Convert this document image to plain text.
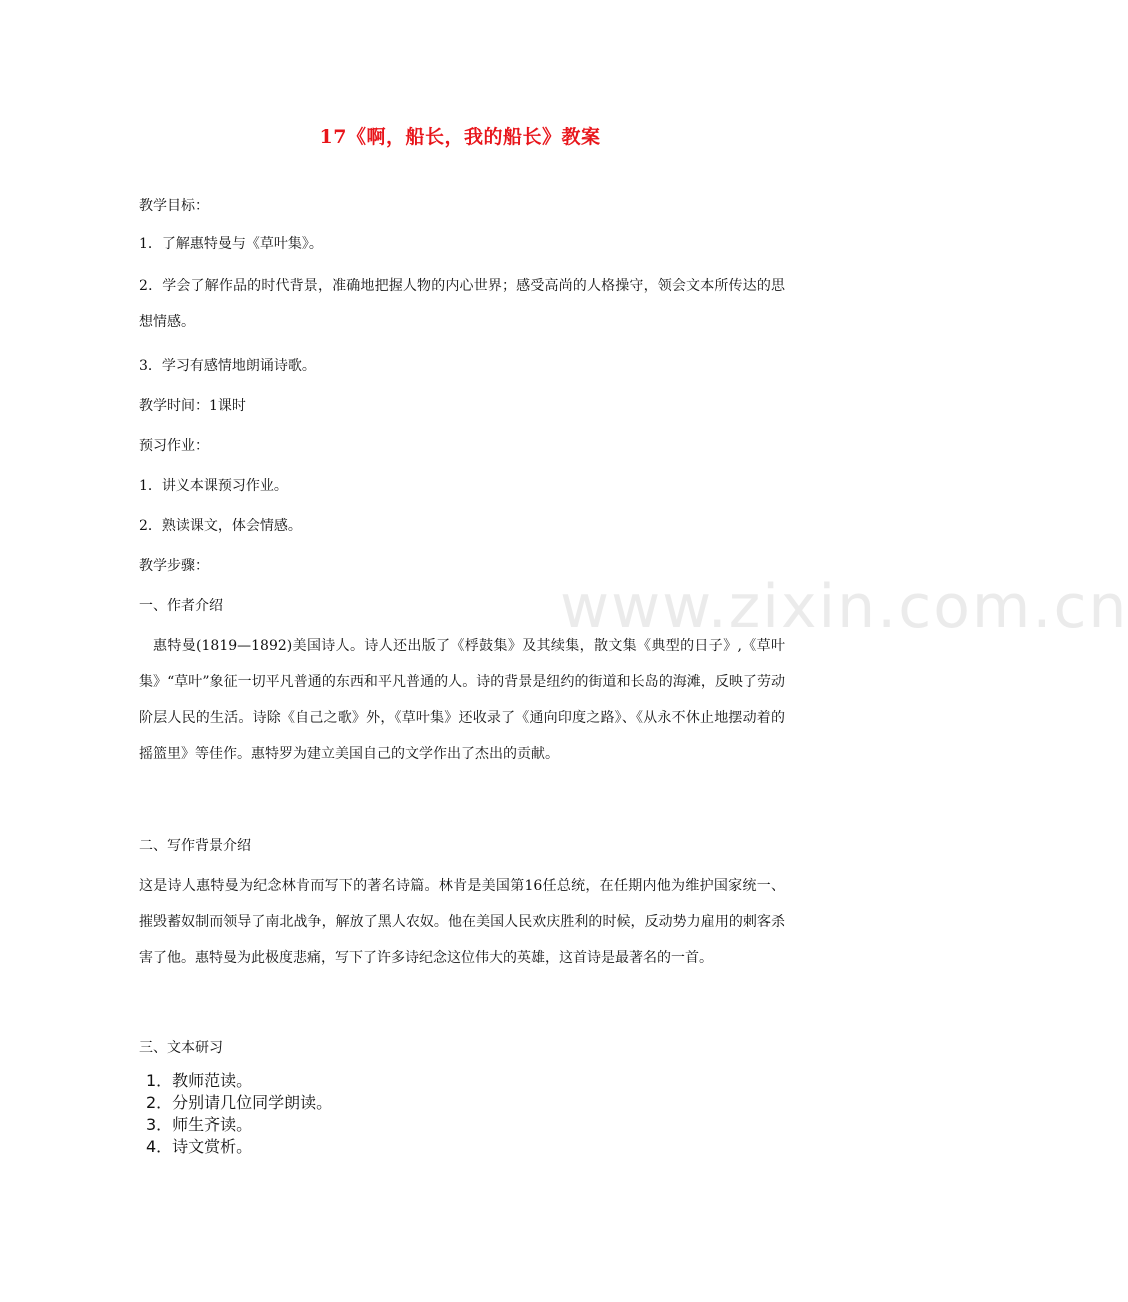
www.zixin.com.cn
17《啊，船长，我的船长》教案
教学目标：
1．了解惠特曼与《草叶集》。
2．学会了解作品的时代背景，准确地把握人物的内心世界；感受高尚的人格操守，领会文本所传达的思想情感。
3．学习有感情地朗诵诗歌。
教学时间：1课时
预习作业：
1．讲义本课预习作业。
2．熟读课文，体会情感。
教学步骤：
一、作者介绍
惠特曼(1819—1892)美国诗人。诗人还出版了《桴鼓集》及其续集，散文集《典型的日子》,《草叶集》“草叶”象征一切平凡普通的东西和平凡普通的人。诗的背景是纽约的街道和长岛的海滩，反映了劳动阶层人民的生活。诗除《自己之歌》外，《草叶集》还收录了《通向印度之路》、《从永不休止地摆动着的摇篮里》等佳作。惠特罗为建立美国自己的文学作出了杰出的贡献。
二、写作背景介绍
这是诗人惠特曼为纪念林肯而写下的著名诗篇。林肯是美国第16任总统，在任期内他为维护国家统一、摧毁蓄奴制而领导了南北战争，解放了黑人农奴。他在美国人民欢庆胜利的时候，反动势力雇用的刺客杀害了他。惠特曼为此极度悲痛，写下了许多诗纪念这位伟大的英雄，这首诗是最著名的一首。
三、文本研习
1．教师范读。
2．分别请几位同学朗读。
3．师生齐读。
4．诗文赏析。
